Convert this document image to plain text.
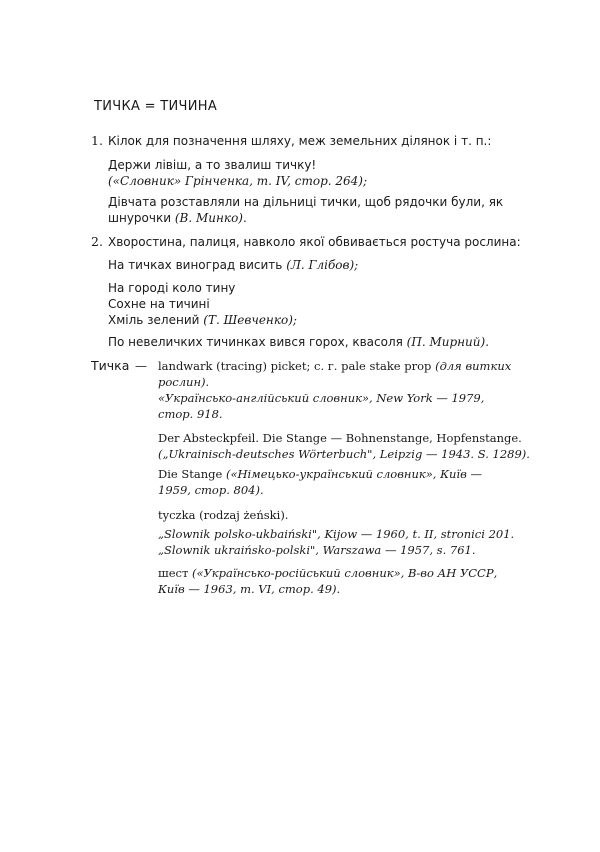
ТИЧКА = ТИЧИНА
1. Кілок для позначення шляху, меж земельних ділянок і т. п.:
Держи лівіш, а то звалиш тичку!
(«Словник» Грінченка, т. IV, стор. 264);
Дівчата розставляли на дільниці тички, щоб рядочки були, як
шнурочки (В. Минко).
2. Хворостина, палиця, навколо якої обвивається ростуча рослина:
На тичках виноград висить (Л. Глібов);
На городі коло тину
Сохне на тичині
Хміль зелений (Т. Шевченко);
По невеличких тичинках вився горох, квасоля (П. Мирний).
Тичка — landwark (tracing) picket; с. г. pale stake prop (для витких
рослин).
«Українсько-англійський словник», New York — 1979,
стор. 918.
Der Absteckpfeil. Die Stange — Bohnenstange, Hopfenstange.
(„Ukrainisch-deutsches Wörterbuch", Leipzig — 1943. S. 1289).
Die Stange («Німецько-український словник», Київ —
1959, стор. 804).
tyczka (rodzaj żeński).
„Slownik polsko-ukbaiński", Kijow — 1960, t. II, stronici 201.
„Slownik ukraińsko-polski", Warszawa — 1957, s. 761.
шест («Українсько-російський словник», В-во АН УССР,
Київ — 1963, т. VI, стор. 49).
